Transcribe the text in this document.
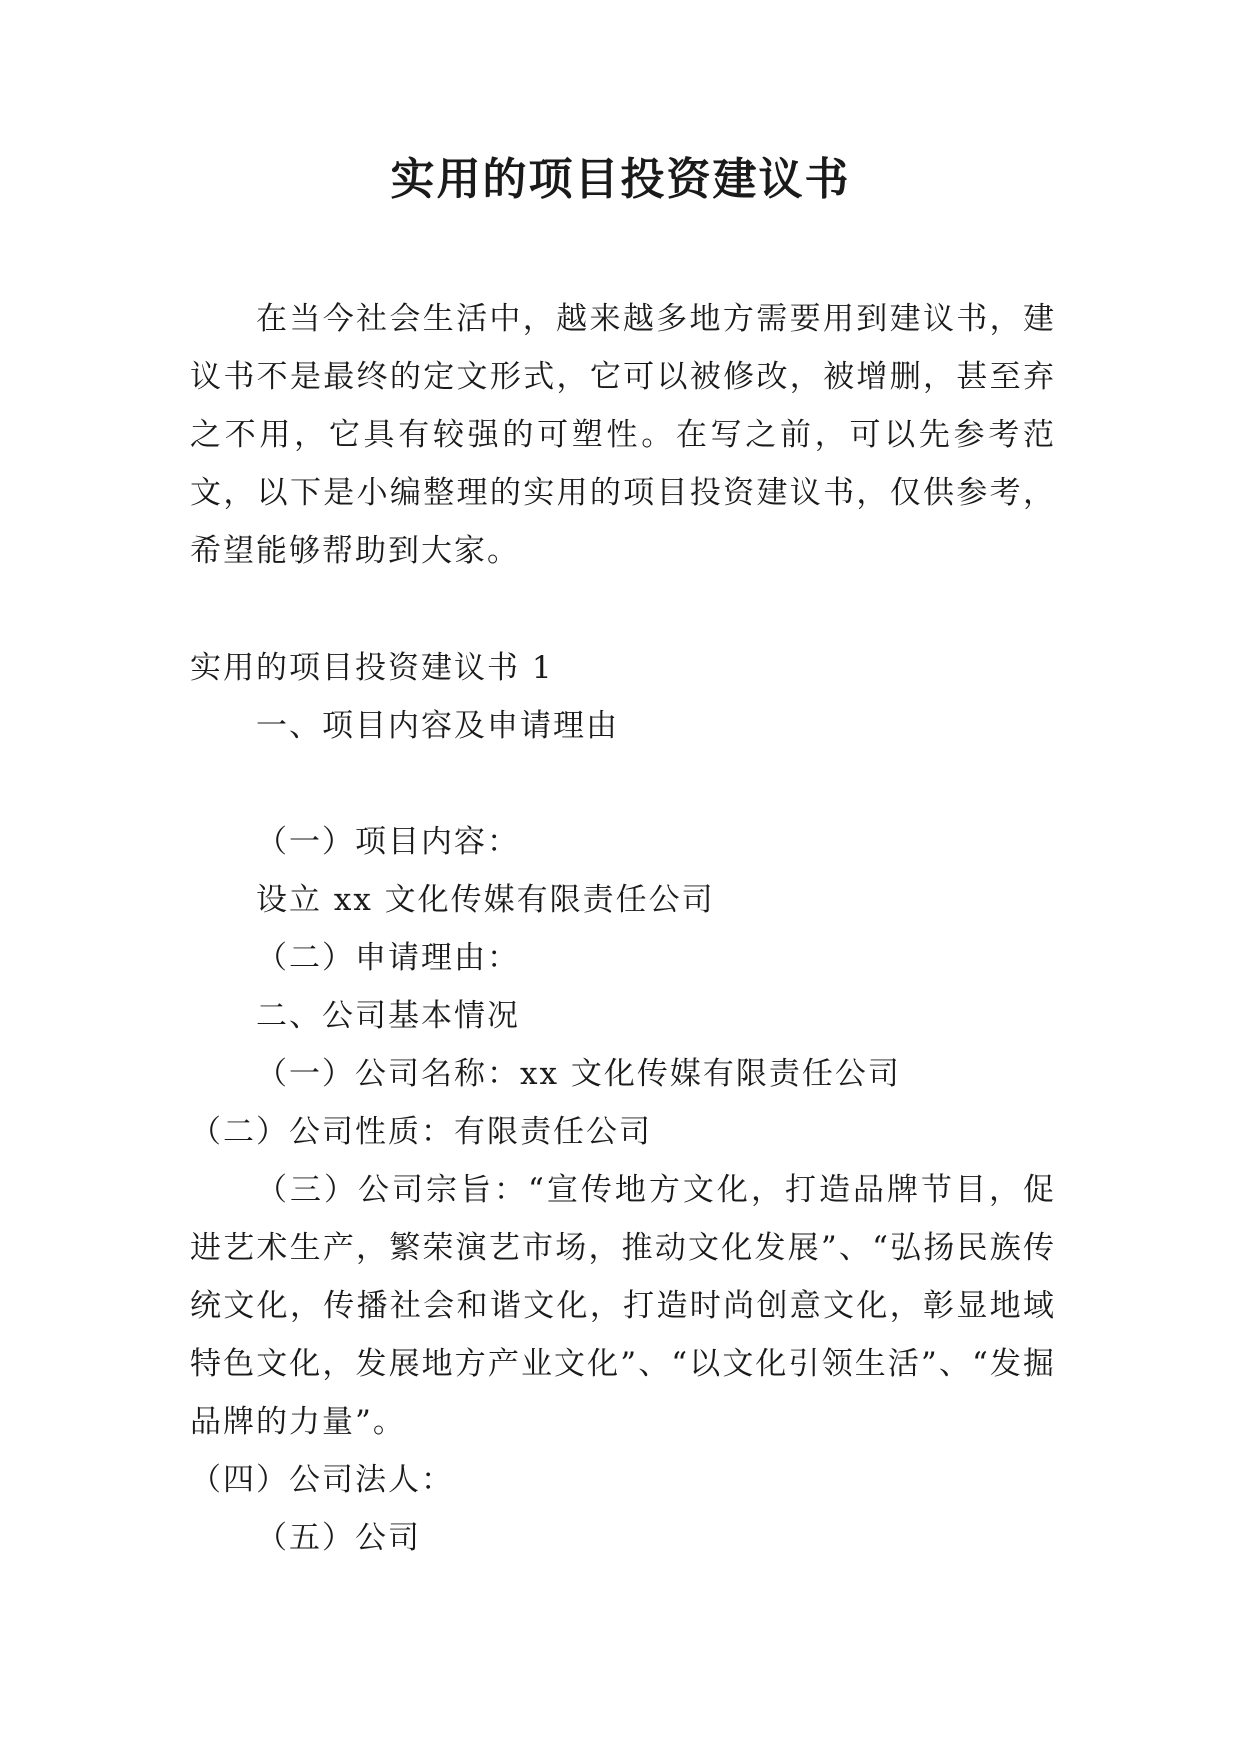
实用的项目投资建议书
在当今社会生活中，越来越多地方需要用到建议书，建议书不是最终的定文形式，它可以被修改，被增删，甚至弃之不用，它具有较强的可塑性。在写之前，可以先参考范文，以下是小编整理的实用的项目投资建议书，仅供参考，希望能够帮助到大家。
实用的项目投资建议书 1
一、项目内容及申请理由
（一）项目内容：
设立 xx 文化传媒有限责任公司
（二）申请理由：
二、公司基本情况
（一）公司名称：xx 文化传媒有限责任公司
（二）公司性质：有限责任公司
（三）公司宗旨：“宣传地方文化，打造品牌节目，促进艺术生产，繁荣演艺市场，推动文化发展”、“弘扬民族传统文化，传播社会和谐文化，打造时尚创意文化，彰显地域特色文化，发展地方产业文化”、“以文化引领生活”、“发掘品牌的力量”。
（四）公司法人：
（五）公司
